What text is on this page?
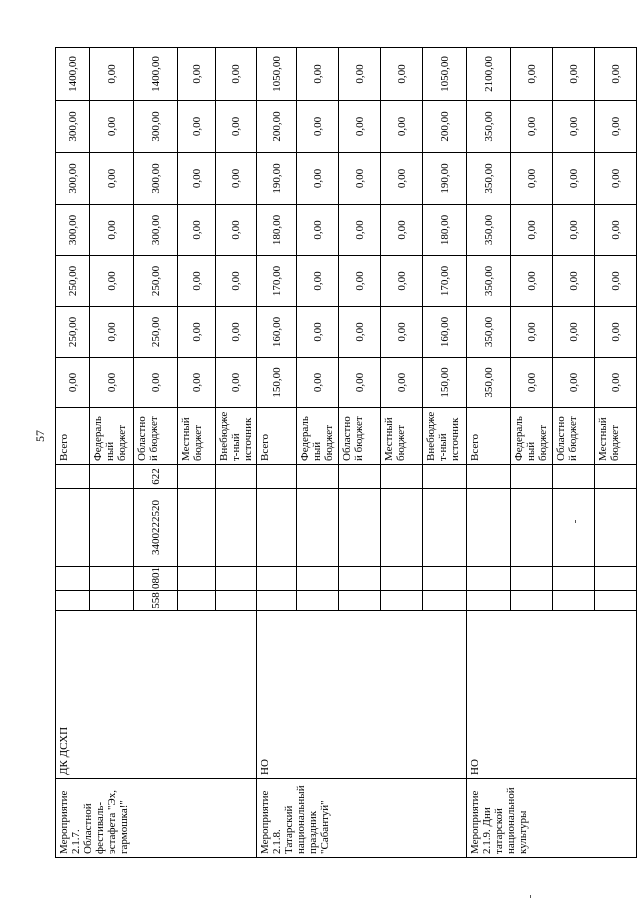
57
Мероприятие 2.1.7. Областной фестиваль-эстафета "Эх, гармошка!"	ДК ДСХП					Всего	0,00	250,00	250,00	300,00	300,00	300,00	1400,00
						Федеральный бюджет	0,00	0,00	0,00	0,00	0,00	0,00	0,00
		558	0801	3400222520	622	Областной бюджет	0,00	250,00	250,00	300,00	300,00	300,00	1400,00
						Местный бюджет	0,00	0,00	0,00	0,00	0,00	0,00	0,00
						Внебюджет-ный источник	0,00	0,00	0,00	0,00	0,00	0,00	0,00
Мероприятие 2.1.8. Татарский национальный праздник "Сабантуй"	НО					Всего	150,00	160,00	170,00	180,00	190,00	200,00	1050,00
						Федеральный бюджет	0,00	0,00	0,00	0,00	0,00	0,00	0,00
						Областной бюджет	0,00	0,00	0,00	0,00	0,00	0,00	0,00
						Местный бюджет	0,00	0,00	0,00	0,00	0,00	0,00	0,00
						Внебюджет-ный источник	150,00	160,00	170,00	180,00	190,00	200,00	1050,00
Мероприятие 2.1.9. Дни татарской национальной культуры	НО					Всего	350,00	350,00	350,00	350,00	350,00	350,00	2100,00
						Федеральный бюджет	0,00	0,00	0,00	0,00	0,00	0,00	0,00
						Областной бюджет	0,00	0,00	0,00	0,00	0,00	0,00	0,00
						Местный бюджет	0,00	0,00	0,00	0,00	0,00	0,00	0,00
